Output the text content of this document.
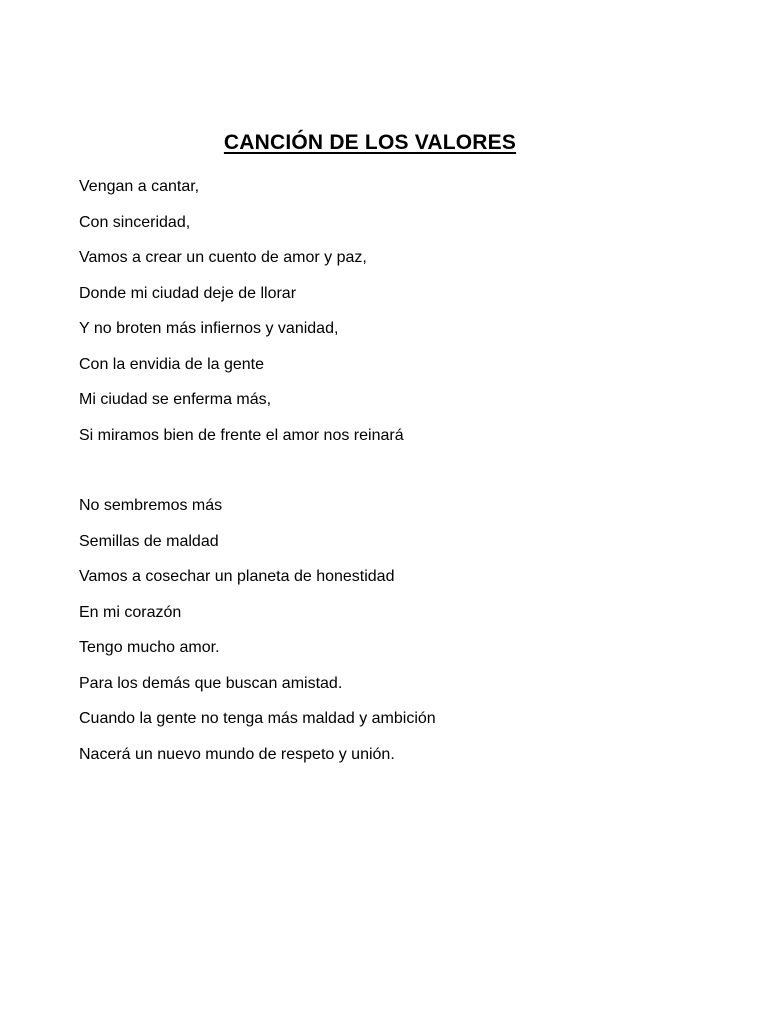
CANCIÓN DE LOS VALORES
Vengan a cantar,
Con sinceridad,
Vamos a crear un cuento de amor y paz,
Donde mi ciudad deje de llorar
Y no broten más infiernos y vanidad,
Con la envidia de la gente
Mi ciudad se enferma más,
Si miramos bien de frente el amor nos reinará
No sembremos más
Semillas de maldad
Vamos a cosechar un planeta de honestidad
En mi corazón
Tengo mucho amor.
Para los demás que buscan amistad.
Cuando la gente no tenga más maldad y ambición
Nacerá un nuevo mundo de respeto y unión.
